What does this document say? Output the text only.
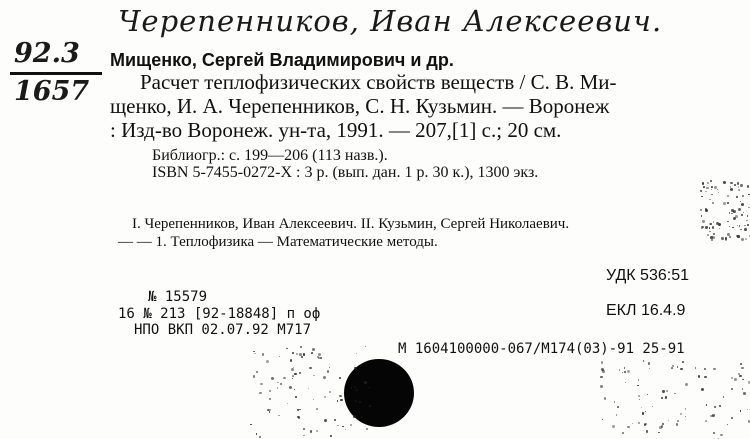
Черепенников, Иван Алексеевич.
92.3
1657
Мищенко, Сергей Владимирович и др.
Расчет теплофизических свойств веществ / С. В. Ми-
щенко, И. А. Черепенников, С. Н. Кузьмин. — Воронеж
: Изд-во Воронеж. ун-та, 1991. — 207,[1] с.; 20 см.
Библиогр.: с. 199—206 (113 назв.).
ISBN 5-7455-0272-X : 3 р. (вып. дан. 1 р. 30 к.), 1300 экз.
I. Черепенников, Иван Алексеевич. II. Кузьмин, Сергей Николаевич.
— — 1. Теплофизика — Математические методы.
УДК 536:51
ЕКЛ 16.4.9
№ 15579
16 № 213 [92-18848] п оф
НПО ВКП 02.07.92 М717
М 1604100000-067/М174(03)-91 25-91
